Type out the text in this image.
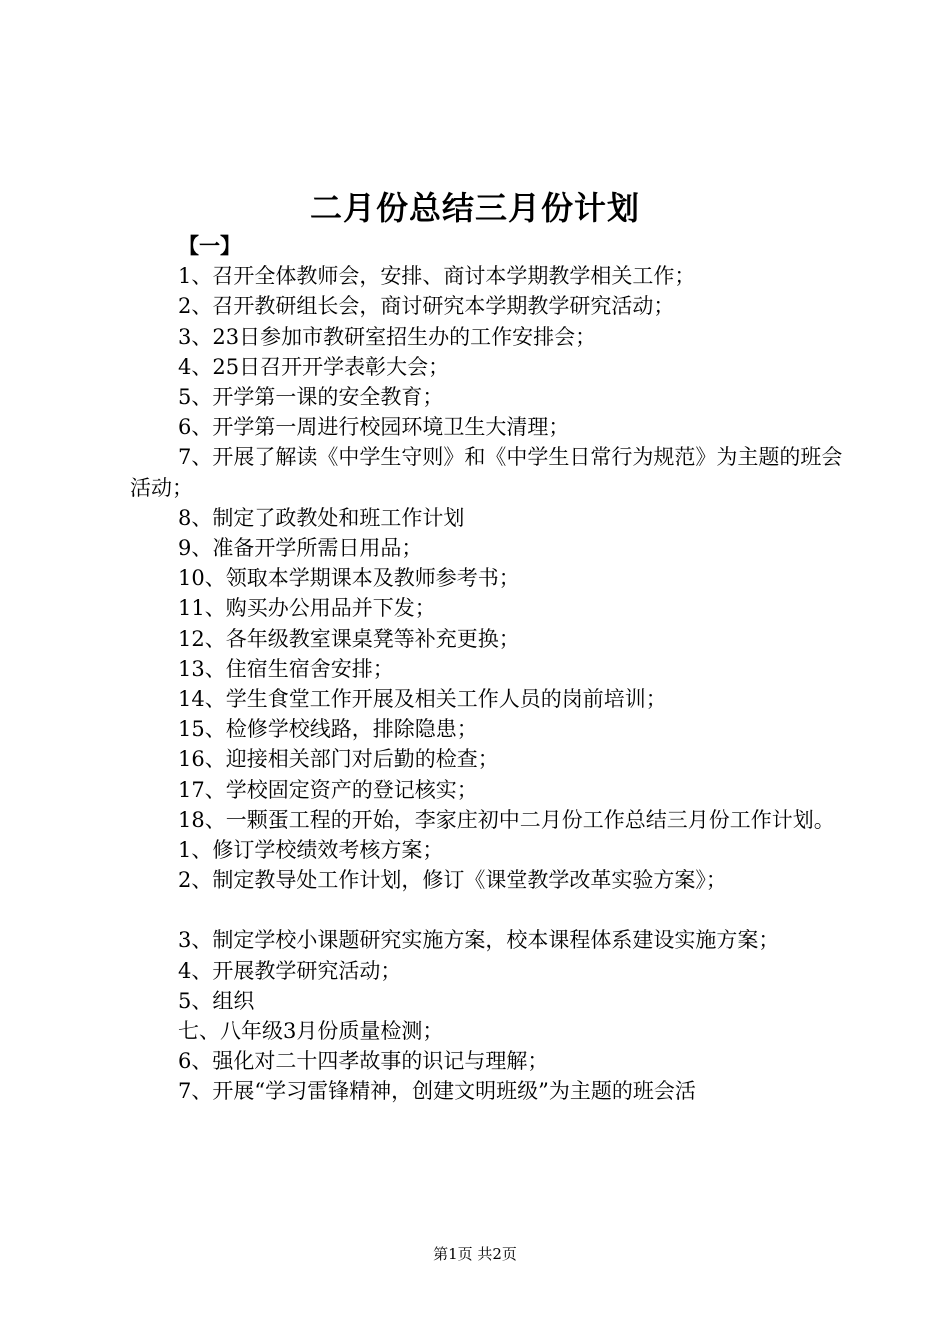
二月份总结三月份计划

【一】

1、召开全体教师会，安排、商讨本学期教学相关工作；

2、召开教研组长会，商讨研究本学期教学研究活动；

3、23日参加市教研室招生办的工作安排会；

4、25日召开开学表彰大会；

5、开学第一课的安全教育；

6、开学第一周进行校园环境卫生大清理；

7、开展了解读《中学生守则》和《中学生日常行为规范》为主题的班会活动；

8、制定了政教处和班工作计划

9、准备开学所需日用品；

10、领取本学期课本及教师参考书；

11、购买办公用品并下发；

12、各年级教室课桌凳等补充更换；

13、住宿生宿舍安排；

14、学生食堂工作开展及相关工作人员的岗前培训；

15、检修学校线路，排除隐患；

16、迎接相关部门对后勤的检查；

17、学校固定资产的登记核实；

18、一颗蛋工程的开始，李家庄初中二月份工作总结三月份工作计划。

1、修订学校绩效考核方案；

2、制定教导处工作计划，修订《课堂教学改革实验方案》；

3、制定学校小课题研究实施方案，校本课程体系建设实施方案；

4、开展教学研究活动；

5、组织

七、八年级3月份质量检测；

6、强化对二十四孝故事的识记与理解；

7、开展“学习雷锋精神，创建文明班级”为主题的班会活

第1页 共2页
